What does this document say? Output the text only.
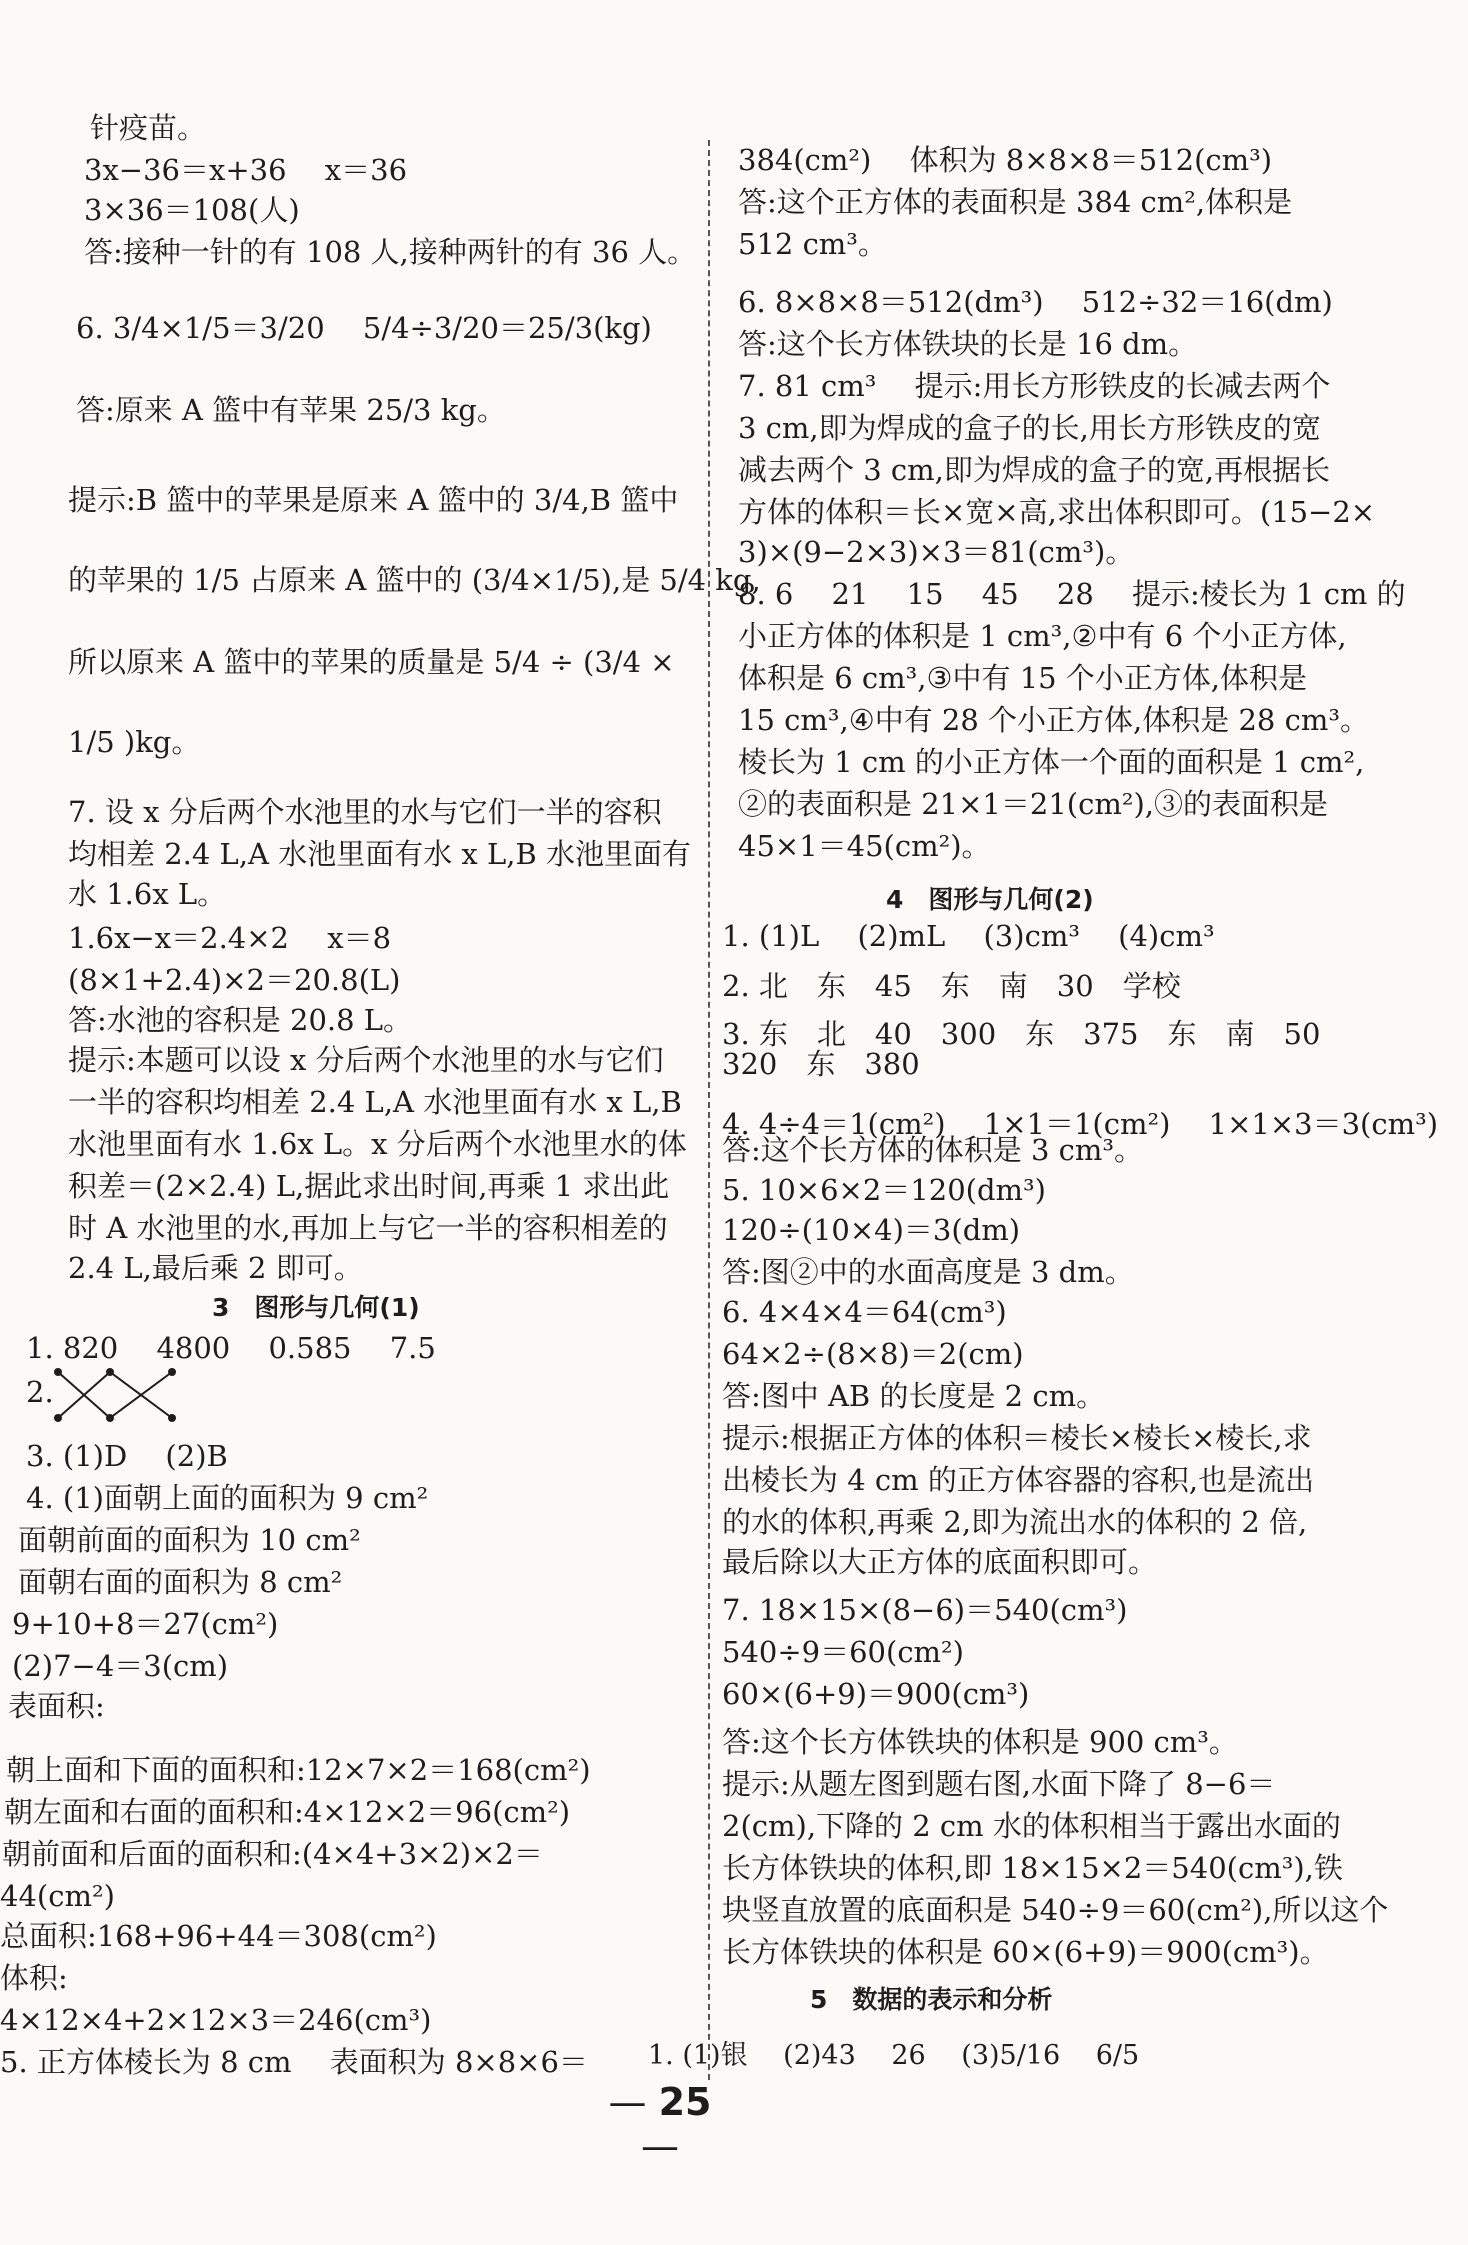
针疫苗。
3x−36＝x+36　 x＝36
3×36＝108(人)
答:接种一针的有 108 人,接种两针的有 36 人。
6. 3/4×1/5＝3/20　 5/4÷3/20＝25/3(kg)
答:原来 A 篮中有苹果 25/3 kg。
提示:B 篮中的苹果是原来 A 篮中的 3/4,B 篮中
的苹果的 1/5 占原来 A 篮中的 (3/4×1/5),是 5/4 kg,
所以原来 A 篮中的苹果的质量是 5/4 ÷ (3/4 ×
1/5 )kg。
7. 设 x 分后两个水池里的水与它们一半的容积
均相差 2.4 L,A 水池里面有水 x L,B 水池里面有
水 1.6x L。
1.6x−x＝2.4×2　 x＝8
(8×1+2.4)×2＝20.8(L)
答:水池的容积是 20.8 L。
提示:本题可以设 x 分后两个水池里的水与它们
一半的容积均相差 2.4 L,A 水池里面有水 x L,B
水池里面有水 1.6x L。x 分后两个水池里水的体
积差＝(2×2.4) L,据此求出时间,再乘 1 求出此
时 A 水池里的水,再加上与它一半的容积相差的
2.4 L,最后乘 2 即可。
3　图形与几何(1)
1. 820　 4800　 0.585　 7.5
2.
3. (1)D　 (2)B
4. (1)面朝上面的面积为 9 cm²
面朝前面的面积为 10 cm²
面朝右面的面积为 8 cm²
9+10+8＝27(cm²)
(2)7−4＝3(cm)
表面积:
朝上面和下面的面积和:12×7×2＝168(cm²)
朝左面和右面的面积和:4×12×2＝96(cm²)
朝前面和后面的面积和:(4×4+3×2)×2＝
44(cm²)
总面积:168+96+44＝308(cm²)
体积:
4×12×4+2×12×3＝246(cm³)
5. 正方体棱长为 8 cm　 表面积为 8×8×6＝
384(cm²)　 体积为 8×8×8＝512(cm³)
答:这个正方体的表面积是 384 cm²,体积是
512 cm³。
6. 8×8×8＝512(dm³)　 512÷32＝16(dm)
答:这个长方体铁块的长是 16 dm。
7. 81 cm³　 提示:用长方形铁皮的长减去两个
3 cm,即为焊成的盒子的长,用长方形铁皮的宽
减去两个 3 cm,即为焊成的盒子的宽,再根据长
方体的体积＝长×宽×高,求出体积即可。(15−2×
3)×(9−2×3)×3＝81(cm³)。
8. 6　 21　 15　 45　 28　 提示:棱长为 1 cm 的
小正方体的体积是 1 cm³,②中有 6 个小正方体,
体积是 6 cm³,③中有 15 个小正方体,体积是
15 cm³,④中有 28 个小正方体,体积是 28 cm³。
棱长为 1 cm 的小正方体一个面的面积是 1 cm²,
②的表面积是 21×1＝21(cm²),③的表面积是
45×1＝45(cm²)。
4　图形与几何(2)
1. (1)L　 (2)mL　 (3)cm³　 (4)cm³
2. 北　东　45　东　南　30　学校
3. 东　北　40　300　东　375　东　南　50
320　东　380
4. 4÷4＝1(cm²)　 1×1＝1(cm²)　 1×1×3＝3(cm³)
答:这个长方体的体积是 3 cm³。
5. 10×6×2＝120(dm³)
120÷(10×4)＝3(dm)
答:图②中的水面高度是 3 dm。
6. 4×4×4＝64(cm³)
64×2÷(8×8)＝2(cm)
答:图中 AB 的长度是 2 cm。
提示:根据正方体的体积＝棱长×棱长×棱长,求
出棱长为 4 cm 的正方体容器的容积,也是流出
的水的体积,再乘 2,即为流出水的体积的 2 倍,
最后除以大正方体的底面积即可。
7. 18×15×(8−6)＝540(cm³)
540÷9＝60(cm²)
60×(6+9)＝900(cm³)
答:这个长方体铁块的体积是 900 cm³。
提示:从题左图到题右图,水面下降了 8−6＝
2(cm),下降的 2 cm 水的体积相当于露出水面的
长方体铁块的体积,即 18×15×2＝540(cm³),铁
块竖直放置的底面积是 540÷9＝60(cm²),所以这个
长方体铁块的体积是 60×(6+9)＝900(cm³)。
5　数据的表示和分析
1. (1)银　 (2)43　 26　 (3)5/16　 6/5
— 25 —
